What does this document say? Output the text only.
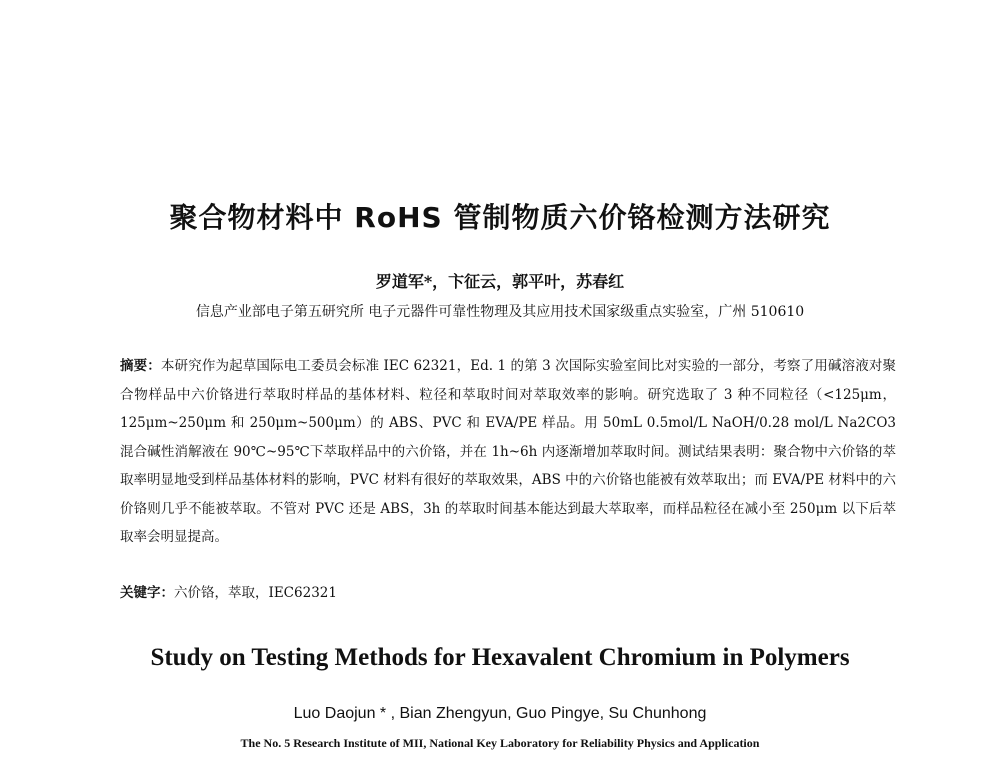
聚合物材料中 RoHS 管制物质六价铬检测方法研究
罗道军*，卞征云，郭平叶，苏春红
信息产业部电子第五研究所 电子元器件可靠性物理及其应用技术国家级重点实验室，广州 510610
摘要：本研究作为起草国际电工委员会标准 IEC 62321，Ed. 1 的第 3 次国际实验室间比对实验的一部分，考察了用碱溶液对聚合物样品中六价铬进行萃取时样品的基体材料、粒径和萃取时间对萃取效率的影响。研究选取了 3 种不同粒径（<125μm，125μm~250μm 和 250μm~500μm）的 ABS、PVC 和 EVA/PE 样品。用 50mL 0.5mol/L NaOH/0.28 mol/L Na2CO3 混合碱性消解液在 90℃~95℃下萃取样品中的六价铬，并在 1h~6h 内逐渐增加萃取时间。测试结果表明：聚合物中六价铬的萃取率明显地受到样品基体材料的影响，PVC 材料有很好的萃取效果，ABS 中的六价铬也能被有效萃取出；而 EVA/PE 材料中的六价铬则几乎不能被萃取。不管对 PVC 还是 ABS，3h 的萃取时间基本能达到最大萃取率，而样品粒径在减小至 250μm 以下后萃取率会明显提高。
关键字：六价铬，萃取，IEC62321
Study on Testing Methods for Hexavalent Chromium in Polymers
Luo Daojun * , Bian Zhengyun, Guo Pingye, Su Chunhong
The No. 5 Research Institute of MII, National Key Laboratory for Reliability Physics and Application
